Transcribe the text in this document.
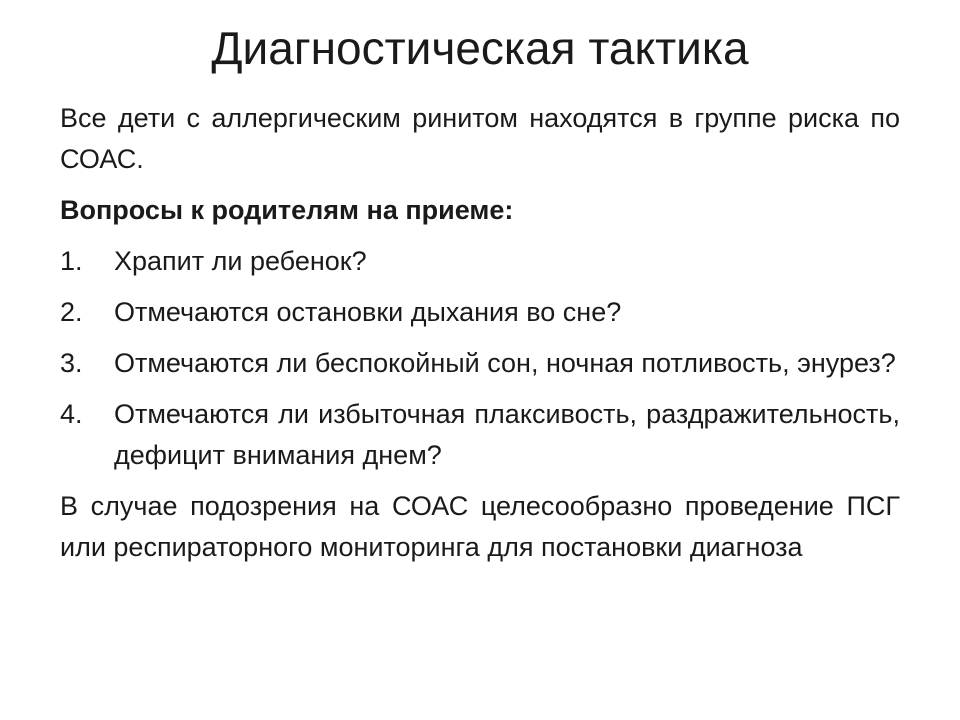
Диагностическая тактика

Все дети с аллергическим ринитом находятся в группе риска по СОАС.

Вопросы к родителям на приеме:

1.	Храпит ли ребенок?
2.	Отмечаются остановки дыхания во сне?
3.	Отмечаются ли беспокойный сон, ночная потливость, энурез?
4.	Отмечаются ли избыточная плаксивость, раздражительность, дефицит внимания днем?

В случае подозрения на СОАС целесообразно проведение ПСГ или респираторного мониторинга для постановки диагноза
